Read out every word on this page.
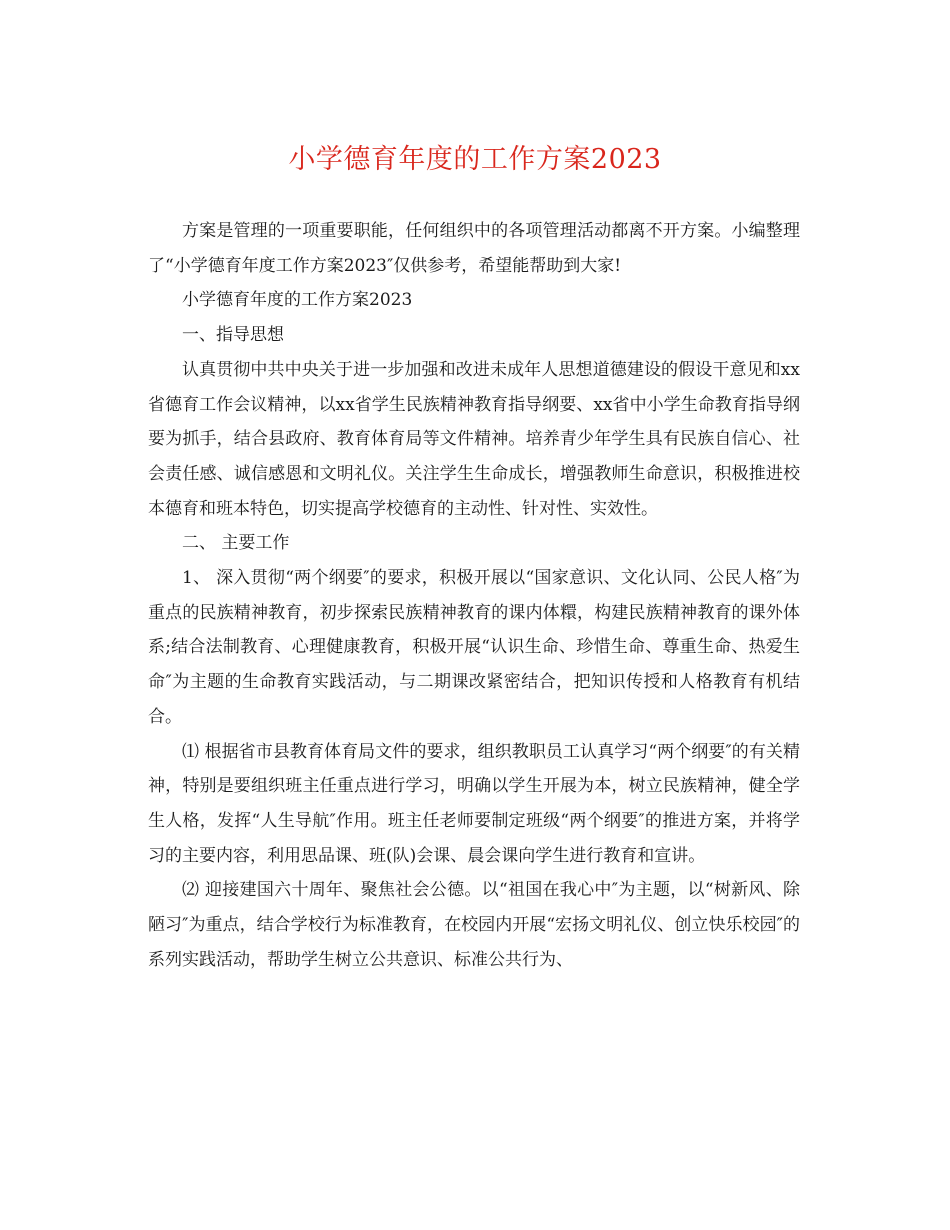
小学德育年度的工作方案2023

方案是管理的一项重要职能，任何组织中的各项管理活动都离不开方案。小编整理了“小学德育年度工作方案2023″仅供参考，希望能帮助到大家!

小学德育年度的工作方案2023

一、指导思想

认真贯彻中共中央关于进一步加强和改进未成年人思想道德建设的假设干意见和xx省德育工作会议精神，以xx省学生民族精神教育指导纲要、xx省中小学生命教育指导纲要为抓手，结合县政府、教育体育局等文件精神。培养青少年学生具有民族自信心、社会责任感、诚信感恩和文明礼仪。关注学生生命成长，增强教师生命意识，积极推进校本德育和班本特色，切实提高学校德育的主动性、针对性、实效性。

二、 主要工作

1、 深入贯彻“两个纲要″的要求，积极开展以“国家意识、文化认同、公民人格″为重点的民族精神教育，初步探索民族精神教育的课内体糫，构建民族精神教育的课外体系;结合法制教育、心理健康教育，积极开展“认识生命、珍惜生命、尊重生命、热爱生命″为主题的生命教育实践活动，与二期课改紧密结合，把知识传授和人格教育有机结合。

⑴ 根据省市县教育体育局文件的要求，组织教职员工认真学习“两个纲要″的有关精神，特别是要组织班主任重点进行学习，明确以学生开展为本，树立民族精神，健全学生人格，发挥“人生导航″作用。班主任老师要制定班级“两个纲要″的推进方案，并将学习的主要内容，利用思品课、班(队)会课、晨会课向学生进行教育和宣讲。

⑵ 迎接建国六十周年、聚焦社会公德。以“祖国在我心中″为主题，以“树新风、除陋习″为重点，结合学校行为标准教育，在校园内开展“宏扬文明礼仪、创立快乐校园″的系列实践活动，帮助学生树立公共意识、标准公共行为、
